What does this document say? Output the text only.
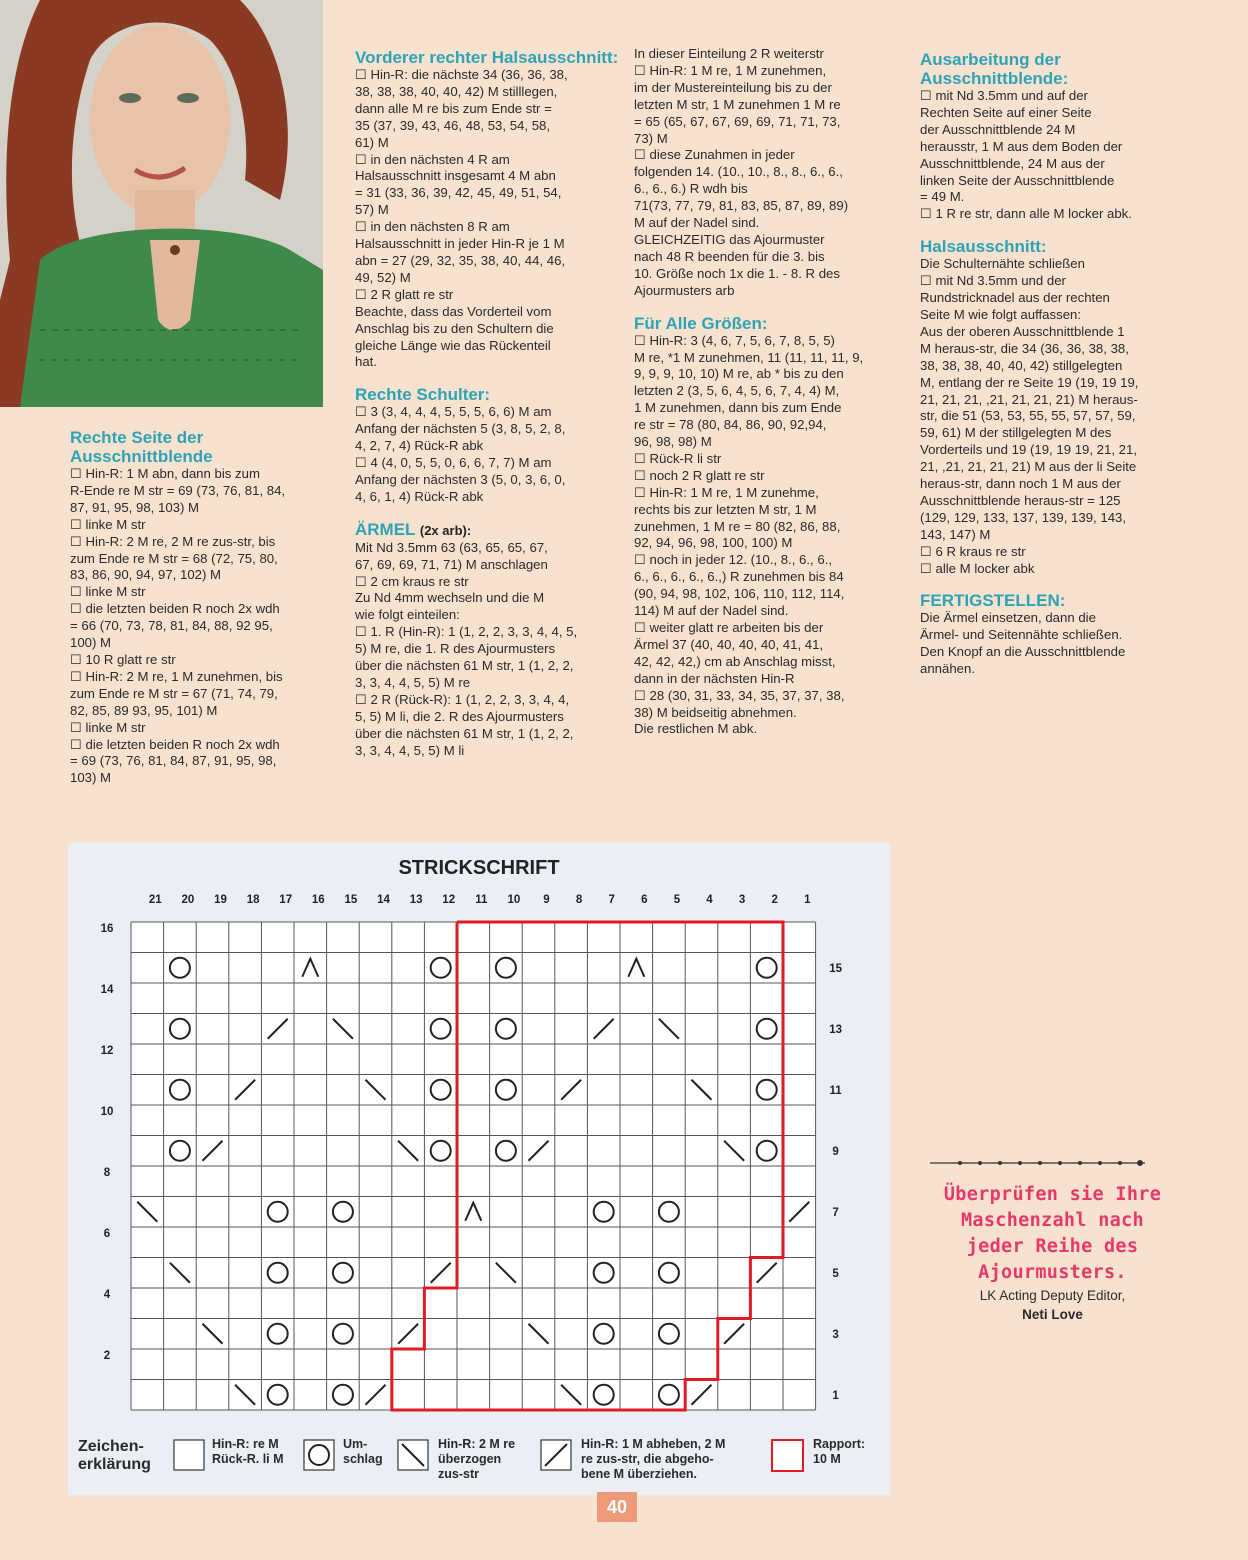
Rechte Seite der Ausschnittblende

☐ Hin-R: 1 M abn, dann bis zum

R-Ende re M str = 69 (73, 76, 81, 84,

87, 91, 95, 98, 103) M

☐ linke M str

☐ Hin-R: 2 M re, 2 M re zus-str, bis

zum Ende re M str = 68 (72, 75, 80,

83, 86, 90, 94, 97, 102) M

☐ linke M str

☐ die letzten beiden R noch 2x wdh

= 66 (70, 73, 78, 81, 84, 88, 92 95,

100) M

☐ 10 R glatt re str

☐ Hin-R: 2 M re, 1 M zunehmen, bis

zum Ende re M str = 67 (71, 74, 79,

82, 85, 89 93, 95, 101) M

☐ linke M str

☐ die letzten beiden R noch 2x wdh

= 69 (73, 76, 81, 84, 87, 91, 95, 98,

103) M

Vorderer rechter Halsausschnitt:

☐ Hin-R: die nächste 34 (36, 36, 38,

38, 38, 38, 40, 40, 42) M stilllegen,

dann alle M re bis zum Ende str =

35 (37, 39, 43, 46, 48, 53, 54, 58,

61) M

☐ in den nächsten 4 R am

Halsausschnitt insgesamt 4 M abn

= 31 (33, 36, 39, 42, 45, 49, 51, 54,

57) M

☐ in den nächsten 8 R am

Halsausschnitt in jeder Hin-R je 1 M

abn = 27 (29, 32, 35, 38, 40, 44, 46,

49, 52) M

☐ 2 R glatt re str

Beachte, dass das Vorderteil vom

Anschlag bis zu den Schultern die

gleiche Länge wie das Rückenteil

hat.

Rechte Schulter:

☐ 3 (3, 4, 4, 4, 5, 5, 5, 6, 6) M am

Anfang der nächsten 5 (3, 8, 5, 2, 8,

4, 2, 7, 4) Rück-R abk

☐ 4 (4, 0, 5, 5, 0, 6, 6, 7, 7) M am

Anfang der nächsten 3 (5, 0, 3, 6, 0,

4, 6, 1, 4) Rück-R abk

ÄRMEL (2x arb):

Mit Nd 3.5mm 63 (63, 65, 65, 67,

67, 69, 69, 71, 71) M anschlagen

☐ 2 cm kraus re str

Zu Nd 4mm wechseln und die M

wie folgt einteilen:

☐ 1. R (Hin-R): 1 (1, 2, 2, 3, 3, 4, 4, 5,

5) M re, die 1. R des Ajourmusters

über die nächsten 61 M str, 1 (1, 2, 2,

3, 3, 4, 4, 5, 5) M re

☐ 2 R (Rück-R): 1 (1, 2, 2, 3, 3, 4, 4,

5, 5) M li, die 2. R des Ajourmusters

über die nächsten 61 M str, 1 (1, 2, 2,

3, 3, 4, 4, 5, 5) M li

In dieser Einteilung 2 R weiterstr

☐ Hin-R: 1 M re, 1 M zunehmen,

im der Mustereinteilung bis zu der

letzten M str, 1 M zunehmen 1 M re

= 65 (65, 67, 67, 69, 69, 71, 71, 73,

73) M

☐ diese Zunahmen in jeder

folgenden 14. (10., 10., 8., 8., 6., 6.,

6., 6., 6.) R wdh bis

71(73, 77, 79, 81, 83, 85, 87, 89, 89)

M auf der Nadel sind.

GLEICHZEITIG das Ajourmuster

nach 48 R beenden für die 3. bis

10. Größe noch 1x die 1. - 8. R des

Ajourmusters arb

Für Alle Größen:

☐ Hin-R: 3 (4, 6, 7, 5, 6, 7, 8, 5, 5)

M re, *1 M zunehmen, 11 (11, 11, 11, 9,

9, 9, 9, 10, 10) M re, ab * bis zu den

letzten 2 (3, 5, 6, 4, 5, 6, 7, 4, 4) M,

1 M zunehmen, dann bis zum Ende

re str = 78 (80, 84, 86, 90, 92,94,

96, 98, 98) M

☐ Rück-R li str

☐ noch 2 R glatt re str

☐ Hin-R: 1 M re, 1 M zunehme,

rechts bis zur letzten M str, 1 M

zunehmen, 1 M re = 80 (82, 86, 88,

92, 94, 96, 98, 100, 100) M

☐ noch in jeder 12. (10., 8., 6., 6.,

6., 6., 6., 6., 6.,) R zunehmen bis 84

(90, 94, 98, 102, 106, 110, 112, 114,

114) M auf der Nadel sind.

☐ weiter glatt re arbeiten bis der

Ärmel 37 (40, 40, 40, 40, 41, 41,

42, 42, 42,) cm ab Anschlag misst,

dann in der nächsten Hin-R

☐ 28 (30, 31, 33, 34, 35, 37, 37, 38,

38) M beidseitig abnehmen.

Die restlichen M abk.

Ausarbeitung der Ausschnittblende:

☐ mit Nd 3.5mm und auf der

Rechten Seite auf einer Seite

der Ausschnittblende 24 M

herausstr, 1 M aus dem Boden der

Ausschnittblende, 24 M aus der

linken Seite der Ausschnittblende

= 49 M.

☐ 1 R re str, dann alle M locker abk.

Halsausschnitt:

Die Schulternähte schließen

☐ mit Nd 3.5mm und der

Rundstricknadel aus der rechten

Seite M wie folgt auffassen:

Aus der oberen Ausschnittblende 1

M heraus-str, die 34 (36, 36, 38, 38,

38, 38, 38, 40, 40, 42) stillgelegten

M, entlang der re Seite 19 (19, 19 19,

21, 21, 21, ,21, 21, 21, 21) M heraus-

str, die 51 (53, 53, 55, 55, 57, 57, 59,

59, 61) M der stillgelegten M des

Vorderteils und 19 (19, 19 19, 21, 21,

21, ,21, 21, 21, 21) M aus der li Seite

heraus-str, dann noch 1 M aus der

Ausschnittblende heraus-str = 125

(129, 129, 133, 137, 139, 139, 143,

143, 147) M

☐ 6 R kraus re str

☐ alle M locker abk

FERTIGSTELLEN:

Die Ärmel einsetzen, dann die

Ärmel- und Seitennähte schließen.

Den Knopf an die Ausschnittblende

annähen.

STRICKSCHRIFT
21 20 19 18 17 16 15 14 13 12 11 10 9 8 7 6 5 4 3 2 1
16
14
12
10
8
6
4
2
15
13
11
9
7
5
3
1
Zeichen-
erklärung
Hin-R: re M
Rück-R. li M
Um-
schlag
Hin-R: 2 M re
überzogen
zus-str
Hin-R: 1 M abheben, 2 M
re zus-str, die abgeho-
bene M überziehen.
Rapport:
10 M
Überprüfen sie Ihre
Maschenzahl nach
jeder Reihe des
Ajourmusters.
LK Acting Deputy Editor,
Neti Love
40
